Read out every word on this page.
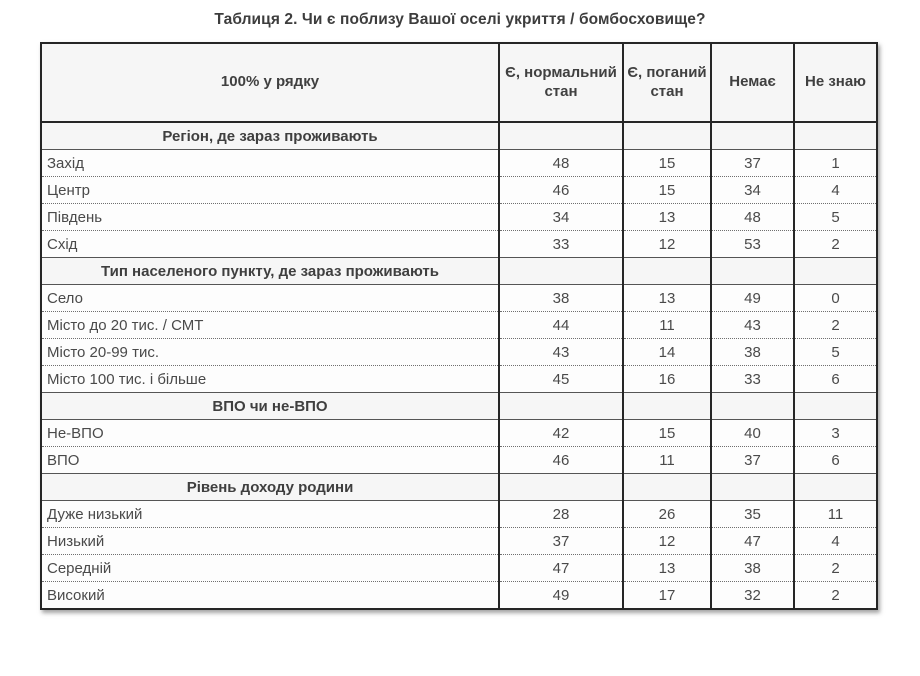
Таблиця 2. Чи є поблизу Вашої оселі укриття / бомбосховище?
100% у рядку	Є, нормальний стан	Є, поганий стан	Немає	Не знаю
Регіон, де зараз проживають				
Захід	48	15	37	1
Центр	46	15	34	4
Південь	34	13	48	5
Схід	33	12	53	2
Тип населеного пункту, де зараз проживають				
Село	38	13	49	0
Місто до 20 тис. / СМТ	44	11	43	2
Місто 20-99 тис.	43	14	38	5
Місто 100 тис. і більше	45	16	33	6
ВПО чи не-ВПО				
Не-ВПО	42	15	40	3
ВПО	46	11	37	6
Рівень доходу родини				
Дуже низький	28	26	35	11
Низький	37	12	47	4
Середній	47	13	38	2
Високий	49	17	32	2
